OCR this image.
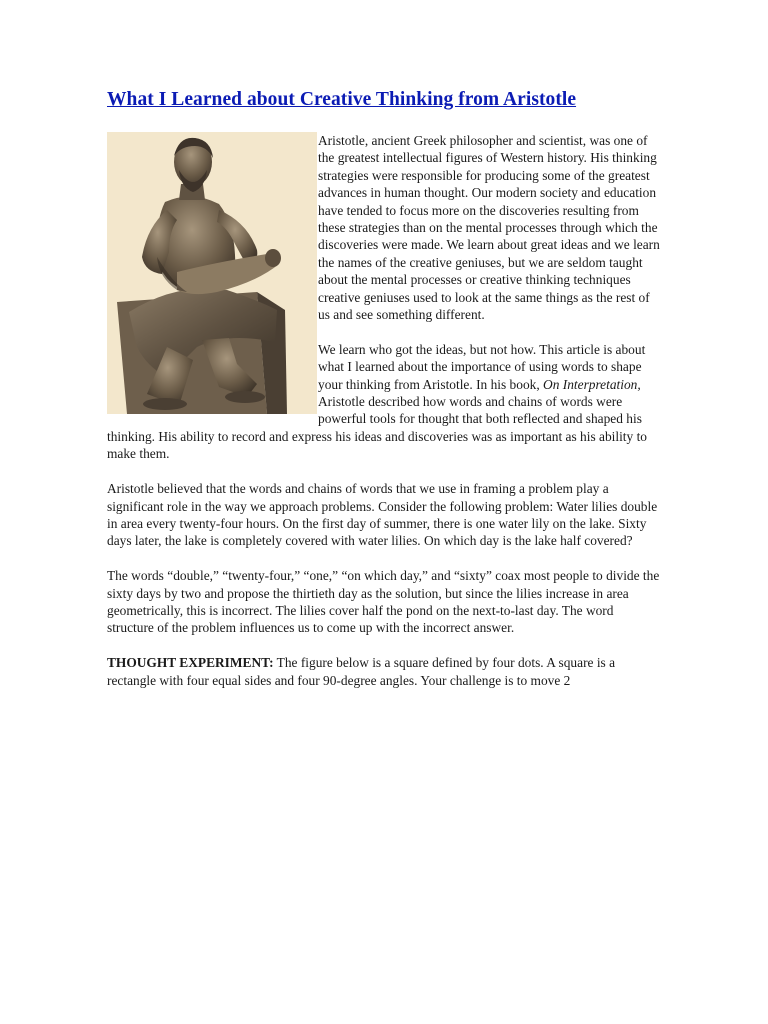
What I Learned about Creative Thinking from Aristotle

Aristotle, ancient Greek philosopher and scientist, was one of the greatest intellectual figures of Western history. His thinking strategies were responsible for producing some of the greatest advances in human thought. Our modern society and education have tended to focus more on the discoveries resulting from these strategies than on the mental processes through which the discoveries were made. We learn about great ideas and we learn the names of the creative geniuses, but we are seldom taught about the mental processes or creative thinking techniques creative geniuses used to look at the same things as the rest of us and see something different.

We learn who got the ideas, but not how. This article is about what I learned about the importance of using words to shape your thinking from Aristotle. In his book, On Interpretation, Aristotle described how words and chains of words were powerful tools for thought that both reflected and shaped his thinking. His ability to record and express his ideas and discoveries was as important as his ability to make them.

Aristotle believed that the words and chains of words that we use in framing a problem play a significant role in the way we approach problems. Consider the following problem: Water lilies double in area every twenty-four hours. On the first day of summer, there is one water lily on the lake. Sixty days later, the lake is completely covered with water lilies. On which day is the lake half covered?

The words “double,” “twenty-four,” “one,” “on which day,” and “sixty” coax most people to divide the sixty days by two and propose the thirtieth day as the solution, but since the lilies increase in area geometrically, this is incorrect. The lilies cover half the pond on the next-to-last day. The word structure of the problem influences us to come up with the incorrect answer.

THOUGHT EXPERIMENT: The figure below is a square defined by four dots. A square is a rectangle with four equal sides and four 90-degree angles. Your challenge is to move 2
